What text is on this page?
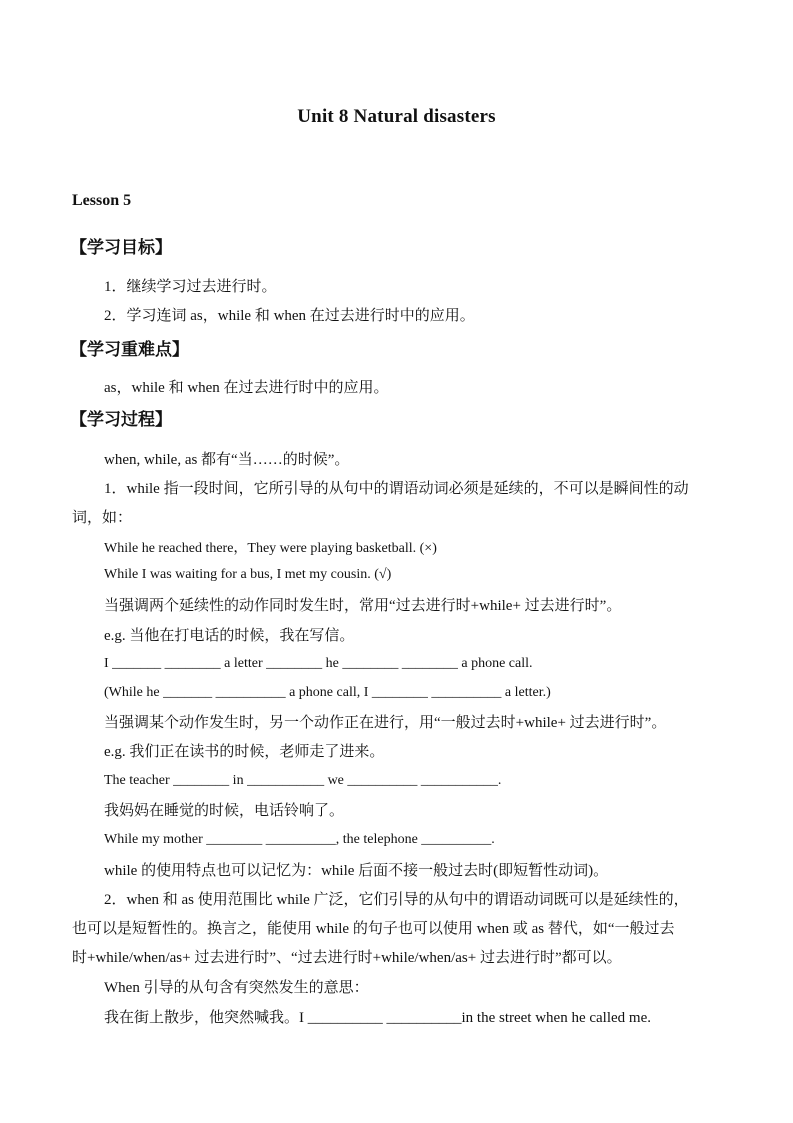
Unit 8 Natural disasters
Lesson 5
【学习目标】
1．继续学习过去进行时。
2．学习连词 as，while 和 when 在过去进行时中的应用。
【学习重难点】
as，while 和 when 在过去进行时中的应用。
【学习过程】
when, while, as 都有“当……的时候”。
1．while 指一段时间，它所引导的从句中的谓语动词必须是延续的，不可以是瞬间性的动
词，如：
While he reached there，They were playing basketball. (×)
While I was waiting for a bus, I met my cousin. (√)
当强调两个延续性的动作同时发生时，常用“过去进行时+while+ 过去进行时”。
e.g. 当他在打电话的时候，我在写信。
I _______ ________ a letter ________ he ________ ________ a phone call.
(While he _______ __________ a phone call, I ________ __________ a letter.)
当强调某个动作发生时，另一个动作正在进行，用“一般过去时+while+ 过去进行时”。
e.g. 我们正在读书的时候，老师走了进来。
The teacher ________ in ___________ we __________ ___________.
我妈妈在睡觉的时候，电话铃响了。
While my mother ________ __________, the telephone __________.
while 的使用特点也可以记忆为：while 后面不接一般过去时(即短暂性动词)。
2．when 和 as 使用范围比 while 广泛，它们引导的从句中的谓语动词既可以是延续性的，
也可以是短暂性的。换言之，能使用 while 的句子也可以使用 when 或 as 替代，如“一般过去
时+while/when/as+ 过去进行时”、“过去进行时+while/when/as+ 过去进行时”都可以。
When 引导的从句含有突然发生的意思：
我在街上散步，他突然喊我。I __________ __________in the street when he called me.
